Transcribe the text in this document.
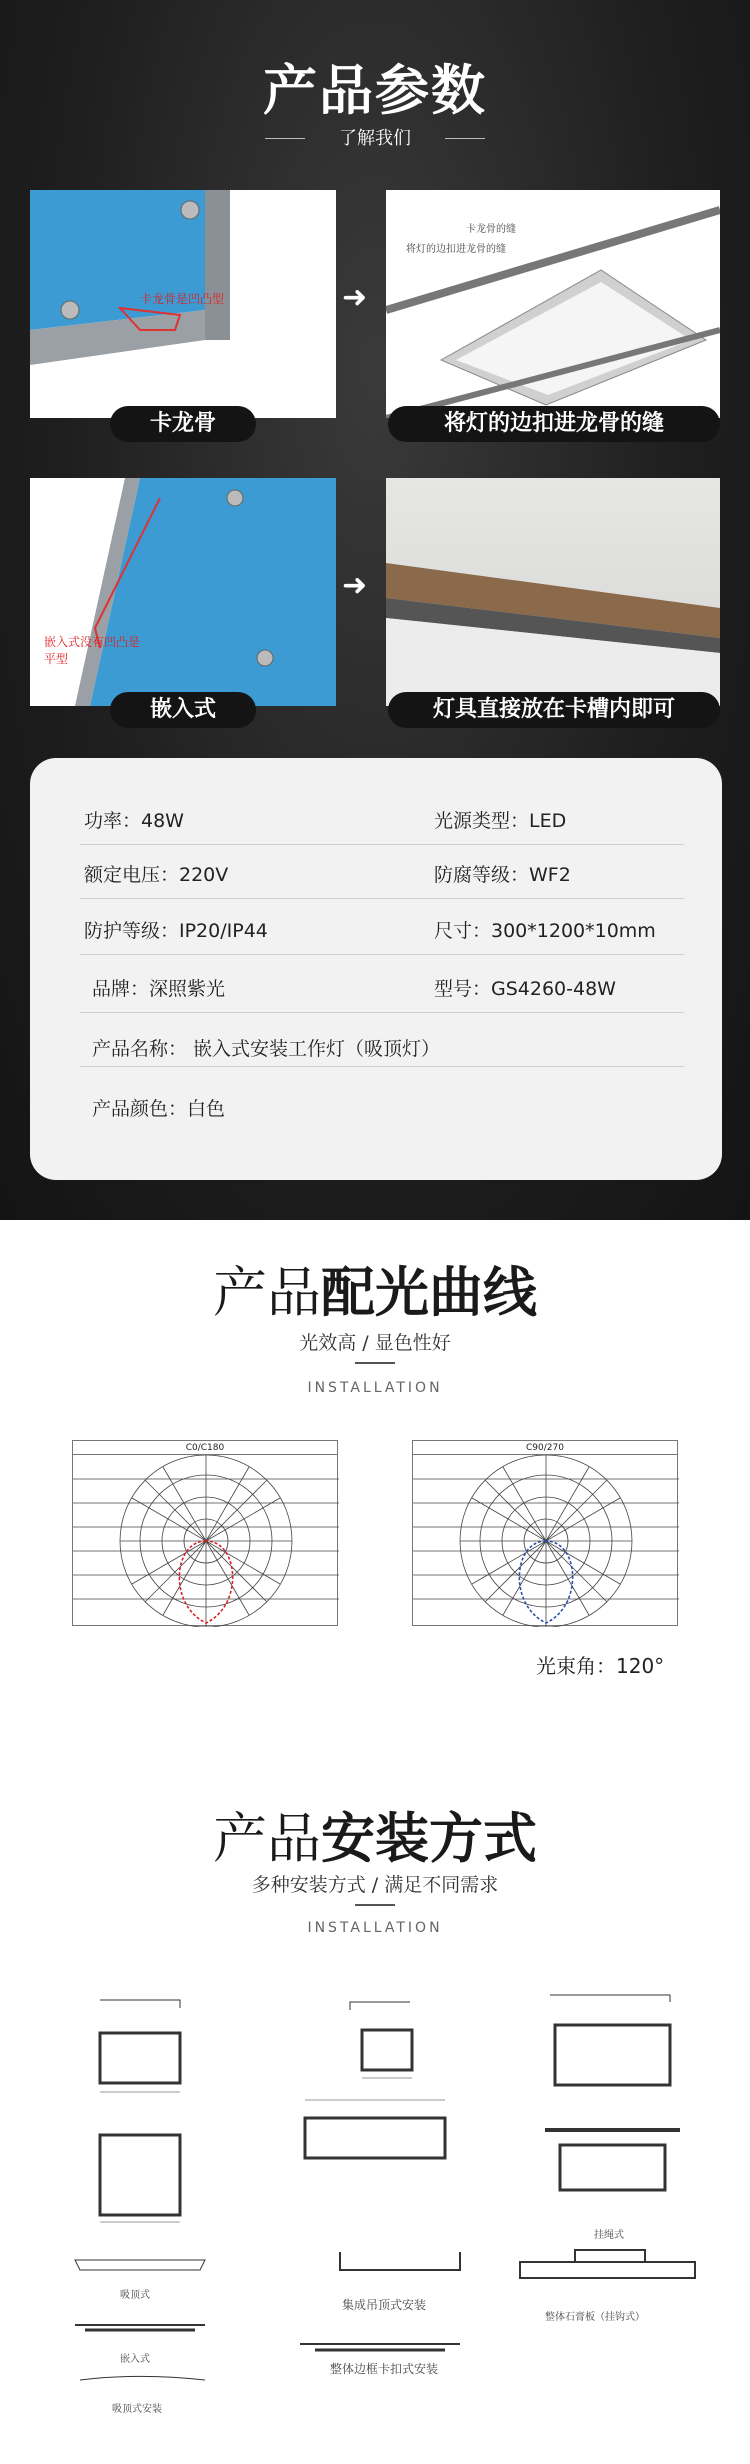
产品参数
了解我们
卡龙骨是凹凸型
卡龙骨
➜
卡龙骨的缝
将灯的边扣进龙骨的缝
将灯的边扣进龙骨的缝
嵌入式没有凹凸是平型
嵌入式
➜
灯具直接放在卡槽内即可
功率：48W	光源类型：LED
额定电压：220V	防腐等级：WF2
防护等级：IP20/IP44	尺寸：300*1200*10mm
品牌：深照紫光	型号：GS4260-48W
产品名称： 嵌入式安装工作灯（吸顶灯）
产品颜色：白色
产品配光曲线
光效高 / 显色性好
INSTALLATION
C0/C180	C90/270
光束角：120°
产品安装方式
多种安装方式 / 满足不同需求
INSTALLATION
吸顶式
嵌入式
吸顶式安装
挂绳式
集成吊顶式安装
整体边框卡扣式安装
整体石膏板（挂钩式）
